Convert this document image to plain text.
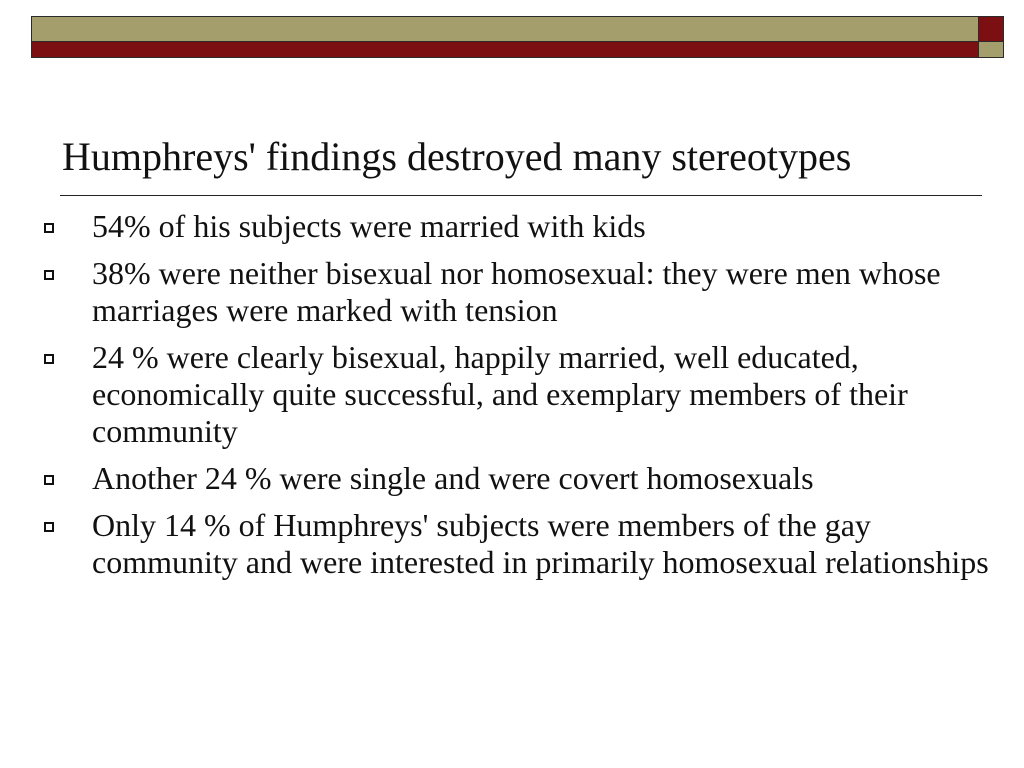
Humphreys' findings destroyed many stereotypes
54% of his subjects were married with kids
38% were neither bisexual nor homosexual: they were men whose marriages were marked with tension
24 % were clearly bisexual, happily married, well educated, economically quite successful, and exemplary members of their community
Another 24 % were single and were covert homosexuals
Only 14 % of Humphreys' subjects were members of the gay community and were interested in primarily homosexual relationships
